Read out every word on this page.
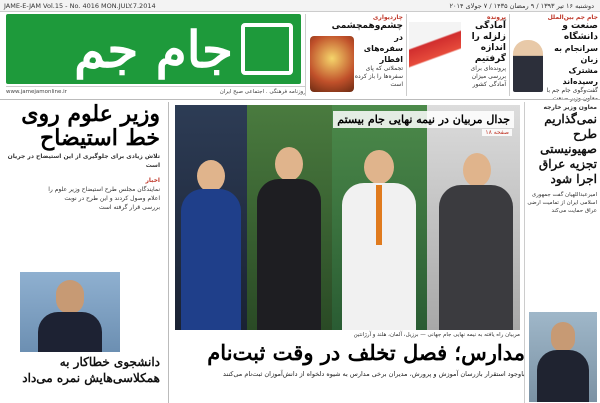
JAME-E-JAM Vol.15 - No. 4016 MON.JULY.7.2014	دوشنبه ۱۶ تیر ۱۳۹۳ / ۹ رمضان ۱۴۳۵ / ۷ جولای ۲۰۱۴
جام جم
www.jamejamonline.ir	روزنامه فرهنگی . اجتماعی صبح ایران
جام جم بین‌الملل
صنعت و دانشگاه
سرانجام به زبان
مشترک رسیده‌اند
گفت‌وگوی جام جم با
پرونده
آمادگی زلزله را اندازه گرفتیم
پرونده‌ای برای بررسی میزان آمادگی کشور
چاردیواری
چشم‌وهمچشمی
در سفره‌های افطار
تجملاتی که پای سفره‌ها را باز کرده است
وزیر علوم روی خط استیضاح
تلاش زیادی برای جلوگیری از این استیضاح در جریان است
اخبار
نمایندگان مجلس طرح استیضاح وزیر علوم را
اعلام وصول کردند و این طرح در نوبت
بررسی قرار گرفته است
دانشجوی خطاکار به همکلاسی‌هایش نمره می‌داد
جدال مربیان در نیمه نهایی جام بیستم
صفحه ۱۸
مربیان راه یافته به نیمه نهایی جام جهانی — برزیل، آلمان، هلند و آرژانتین
مدارس؛ فصل تخلف در وقت ثبت‌نام
باوجود استقرار بازرسان آموزش و پرورش، مدیران برخی مدارس به شیوه دلخواه از دانش‌آموزان ثبت‌نام می‌کنند
معاون وزیر خارجه
نمی‌گذاریم طرح صهیونیستی تجزیه عراق اجرا شود
امیرعبداللهیان گفت جمهوری
اسلامی ایران از تمامیت ارضی
عراق حمایت می‌کند
